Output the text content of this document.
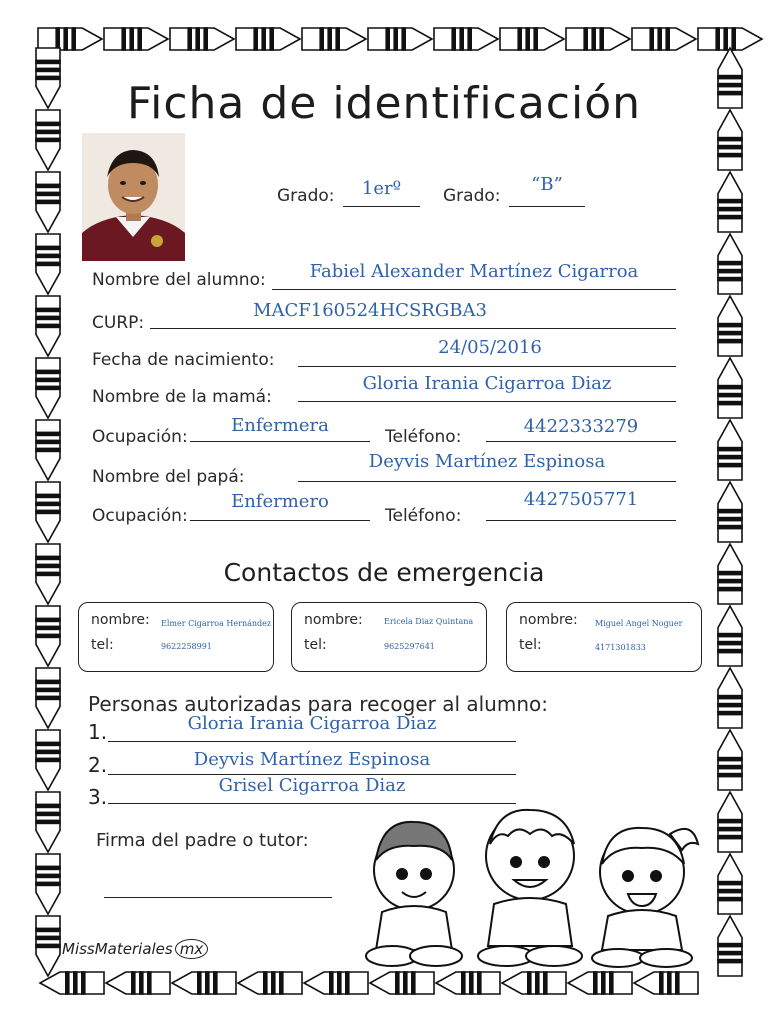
Ficha de identificación
Grado:	1erº	Grado:
“B”
Nombre del alumno:	Fabiel Alexander Martínez Cigarroa
CURP:
MACF160524HCSRGBA3
Fecha de nacimiento:
24/05/2016
Nombre de la mamá:
Gloria Irania Cigarroa Diaz
Ocupación:
Enfermera
Teléfono:	4422333279
Nombre del papá:
Deyvis Martínez Espinosa
Ocupación:
Enfermero
Teléfono:
4427505771
Contactos de emergencia
nombre: Elmer Cigarroa Hernández
tel:	9622258991
nombre:	Ericela Diaz Quintana
tel:	9625297641
nombre: Miguel Angel Noguer
tel:	4171301833
Personas autorizadas para recoger al alumno:
1.	Gloria Irania Cigarroa Diaz
2.	Deyvis Martínez Espinosa
3.	Grisel Cigarroa Diaz
Firma del padre o tutor:
MissMateriales mx
